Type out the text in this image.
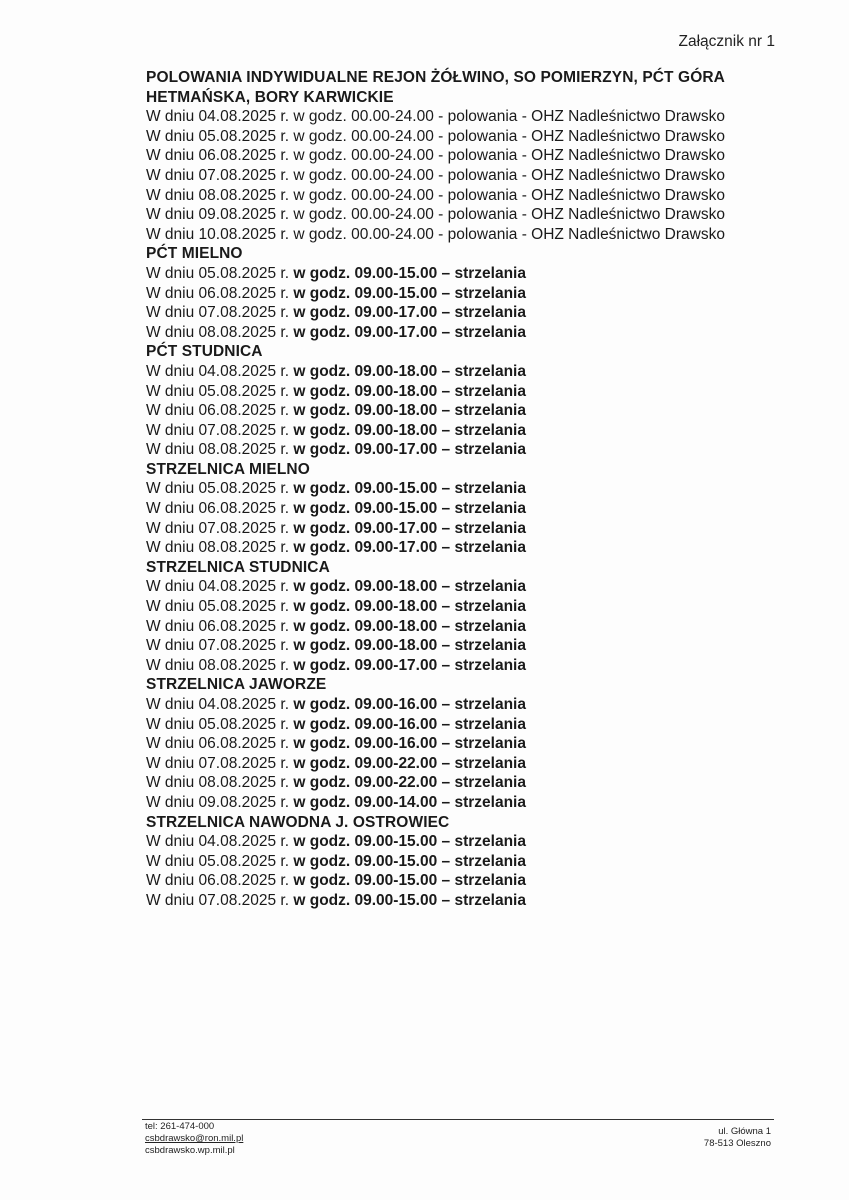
Załącznik nr 1
POLOWANIA INDYWIDUALNE REJON ŻÓŁWINO, SO POMIERZYN, PĆT GÓRA HETMAŃSKA, BORY KARWICKIE
W dniu 04.08.2025 r. w godz. 00.00-24.00 - polowania - OHZ Nadleśnictwo Drawsko
W dniu 05.08.2025 r. w godz. 00.00-24.00 - polowania - OHZ Nadleśnictwo Drawsko
W dniu 06.08.2025 r. w godz. 00.00-24.00 - polowania - OHZ Nadleśnictwo Drawsko
W dniu 07.08.2025 r. w godz. 00.00-24.00 - polowania - OHZ Nadleśnictwo Drawsko
W dniu 08.08.2025 r. w godz. 00.00-24.00 - polowania - OHZ Nadleśnictwo Drawsko
W dniu 09.08.2025 r. w godz. 00.00-24.00 - polowania - OHZ Nadleśnictwo Drawsko
W dniu 10.08.2025 r. w godz. 00.00-24.00 - polowania - OHZ Nadleśnictwo Drawsko
PĆT MIELNO
W dniu 05.08.2025 r. w godz. 09.00-15.00 – strzelania
W dniu 06.08.2025 r. w godz. 09.00-15.00 – strzelania
W dniu 07.08.2025 r. w godz. 09.00-17.00 – strzelania
W dniu 08.08.2025 r. w godz. 09.00-17.00 – strzelania
PĆT STUDNICA
W dniu 04.08.2025 r. w godz. 09.00-18.00 – strzelania
W dniu 05.08.2025 r. w godz. 09.00-18.00 – strzelania
W dniu 06.08.2025 r. w godz. 09.00-18.00 – strzelania
W dniu 07.08.2025 r. w godz. 09.00-18.00 – strzelania
W dniu 08.08.2025 r. w godz. 09.00-17.00 – strzelania
STRZELNICA MIELNO
W dniu 05.08.2025 r. w godz. 09.00-15.00 – strzelania
W dniu 06.08.2025 r. w godz. 09.00-15.00 – strzelania
W dniu 07.08.2025 r. w godz. 09.00-17.00 – strzelania
W dniu 08.08.2025 r. w godz. 09.00-17.00 – strzelania
STRZELNICA STUDNICA
W dniu 04.08.2025 r. w godz. 09.00-18.00 – strzelania
W dniu 05.08.2025 r. w godz. 09.00-18.00 – strzelania
W dniu 06.08.2025 r. w godz. 09.00-18.00 – strzelania
W dniu 07.08.2025 r. w godz. 09.00-18.00 – strzelania
W dniu 08.08.2025 r. w godz. 09.00-17.00 – strzelania
STRZELNICA JAWORZE
W dniu 04.08.2025 r. w godz. 09.00-16.00 – strzelania
W dniu 05.08.2025 r. w godz. 09.00-16.00 – strzelania
W dniu 06.08.2025 r. w godz. 09.00-16.00 – strzelania
W dniu 07.08.2025 r. w godz. 09.00-22.00 – strzelania
W dniu 08.08.2025 r. w godz. 09.00-22.00 – strzelania
W dniu 09.08.2025 r. w godz. 09.00-14.00 – strzelania
STRZELNICA NAWODNA J. OSTROWIEC
W dniu 04.08.2025 r. w godz. 09.00-15.00 – strzelania
W dniu 05.08.2025 r. w godz. 09.00-15.00 – strzelania
W dniu 06.08.2025 r. w godz. 09.00-15.00 – strzelania
W dniu 07.08.2025 r. w godz. 09.00-15.00 – strzelania
tel: 261-474-000
csbdrawsko@ron.mil.pl
csbdrawsko.wp.mil.pl
ul. Główna 1
78-513 Oleszno
